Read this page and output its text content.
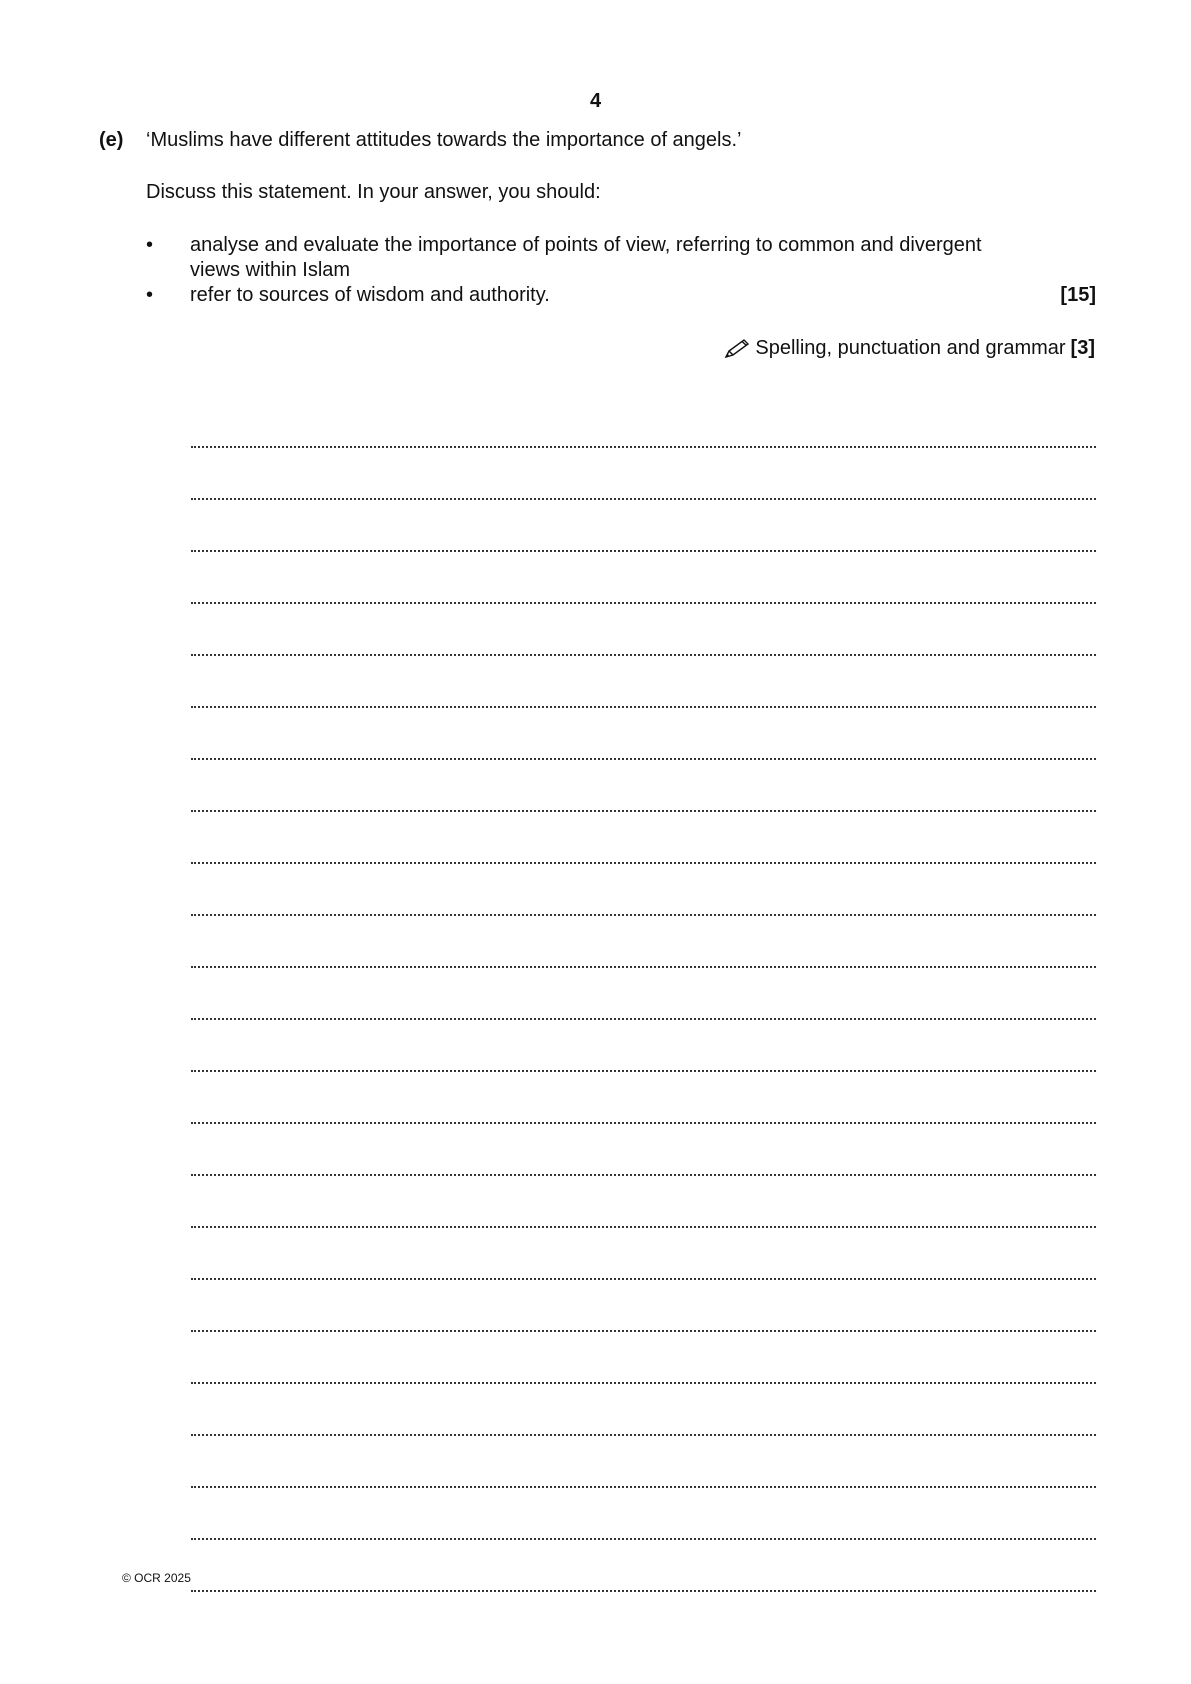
4
(e) ‘Muslims have different attitudes towards the importance of angels.’
Discuss this statement. In your answer, you should:
•	analyse and evaluate the importance of points of view, referring to common and divergent views within Islam
•	refer to sources of wisdom and authority.	[15]
Spelling, punctuation and grammar [3]
© OCR 2025
